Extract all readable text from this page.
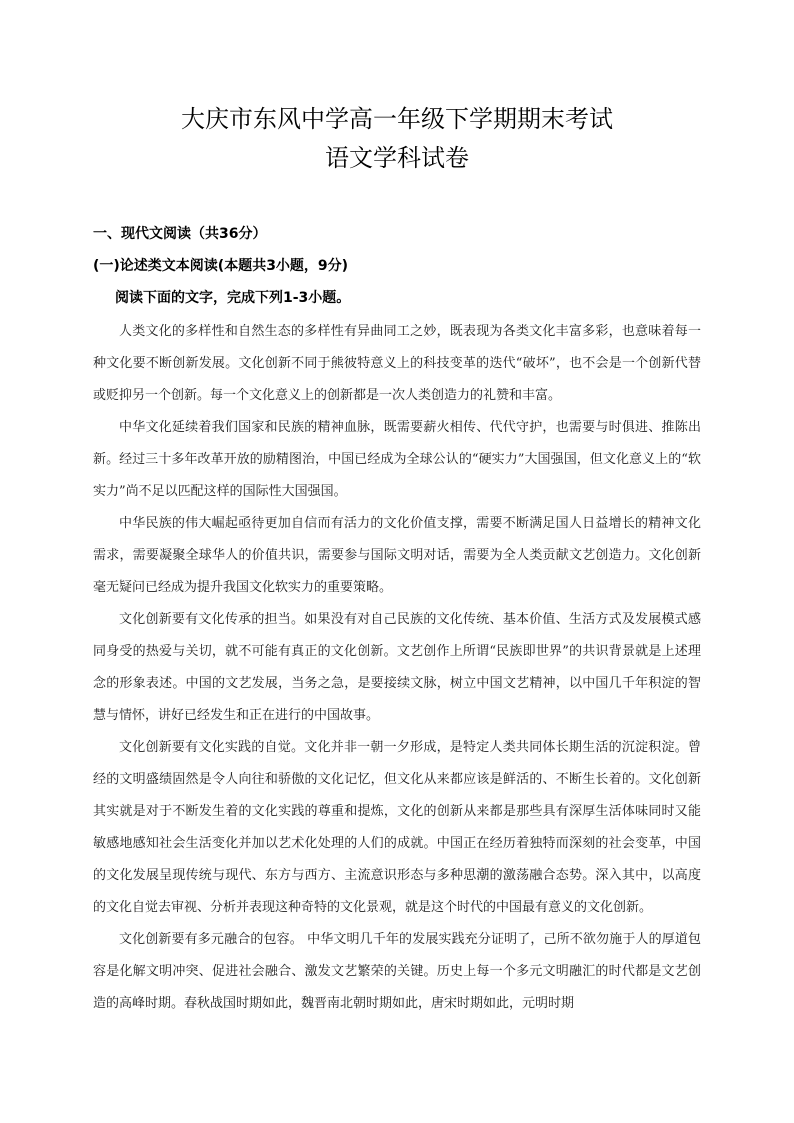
大庆市东风中学高一年级下学期期末考试
语文学科试卷
一、现代文阅读（共36分）
(一)论述类文本阅读(本题共3小题，9分)
阅读下面的文字，完成下列1-3小题。

人类文化的多样性和自然生态的多样性有异曲同工之妙，既表现为各类文化丰富多彩，也意味着每一种文化要不断创新发展。文化创新不同于熊彼特意义上的科技变革的迭代“破坏”，也不会是一个创新代替或贬抑另一个创新。每一个文化意义上的创新都是一次人类创造力的礼赞和丰富。

中华文化延续着我们国家和民族的精神血脉，既需要薪火相传、代代守护，也需要与时俱进、推陈出新。经过三十多年改革开放的励精图治，中国已经成为全球公认的“硬实力”大国强国，但文化意义上的“软实力”尚不足以匹配这样的国际性大国强国。

中华民族的伟大崛起亟待更加自信而有活力的文化价值支撑，需要不断满足国人日益增长的精神文化需求，需要凝聚全球华人的价值共识，需要参与国际文明对话，需要为全人类贡献文艺创造力。文化创新毫无疑问已经成为提升我国文化软实力的重要策略。

文化创新要有文化传承的担当。如果没有对自己民族的文化传统、基本价值、生活方式及发展模式感同身受的热爱与关切，就不可能有真正的文化创新。文艺创作上所谓“民族即世界”的共识背景就是上述理念的形象表述。中国的文艺发展，当务之急，是要接续文脉，树立中国文艺精神，以中国几千年积淀的智慧与情怀，讲好已经发生和正在进行的中国故事。

文化创新要有文化实践的自觉。文化并非一朝一夕形成，是特定人类共同体长期生活的沉淀积淀。曾经的文明盛绩固然是令人向往和骄傲的文化记忆，但文化从来都应该是鲜活的、不断生长着的。文化创新其实就是对于不断发生着的文化实践的尊重和提炼，文化的创新从来都是那些具有深厚生活体味同时又能敏感地感知社会生活变化并加以艺术化处理的人们的成就。中国正在经历着独特而深刻的社会变革，中国的文化发展呈现传统与现代、东方与西方、主流意识形态与多种思潮的激荡融合态势。深入其中，以高度的文化自觉去审视、分析并表现这种奇特的文化景观，就是这个时代的中国最有意义的文化创新。

文化创新要有多元融合的包容。 中华文明几千年的发展实践充分证明了，己所不欲勿施于人的厚道包容是化解文明冲突、促进社会融合、激发文艺繁荣的关键。历史上每一个多元文明融汇的时代都是文艺创造的高峰时期。春秋战国时期如此，魏晋南北朝时期如此，唐宋时期如此，元明时期
